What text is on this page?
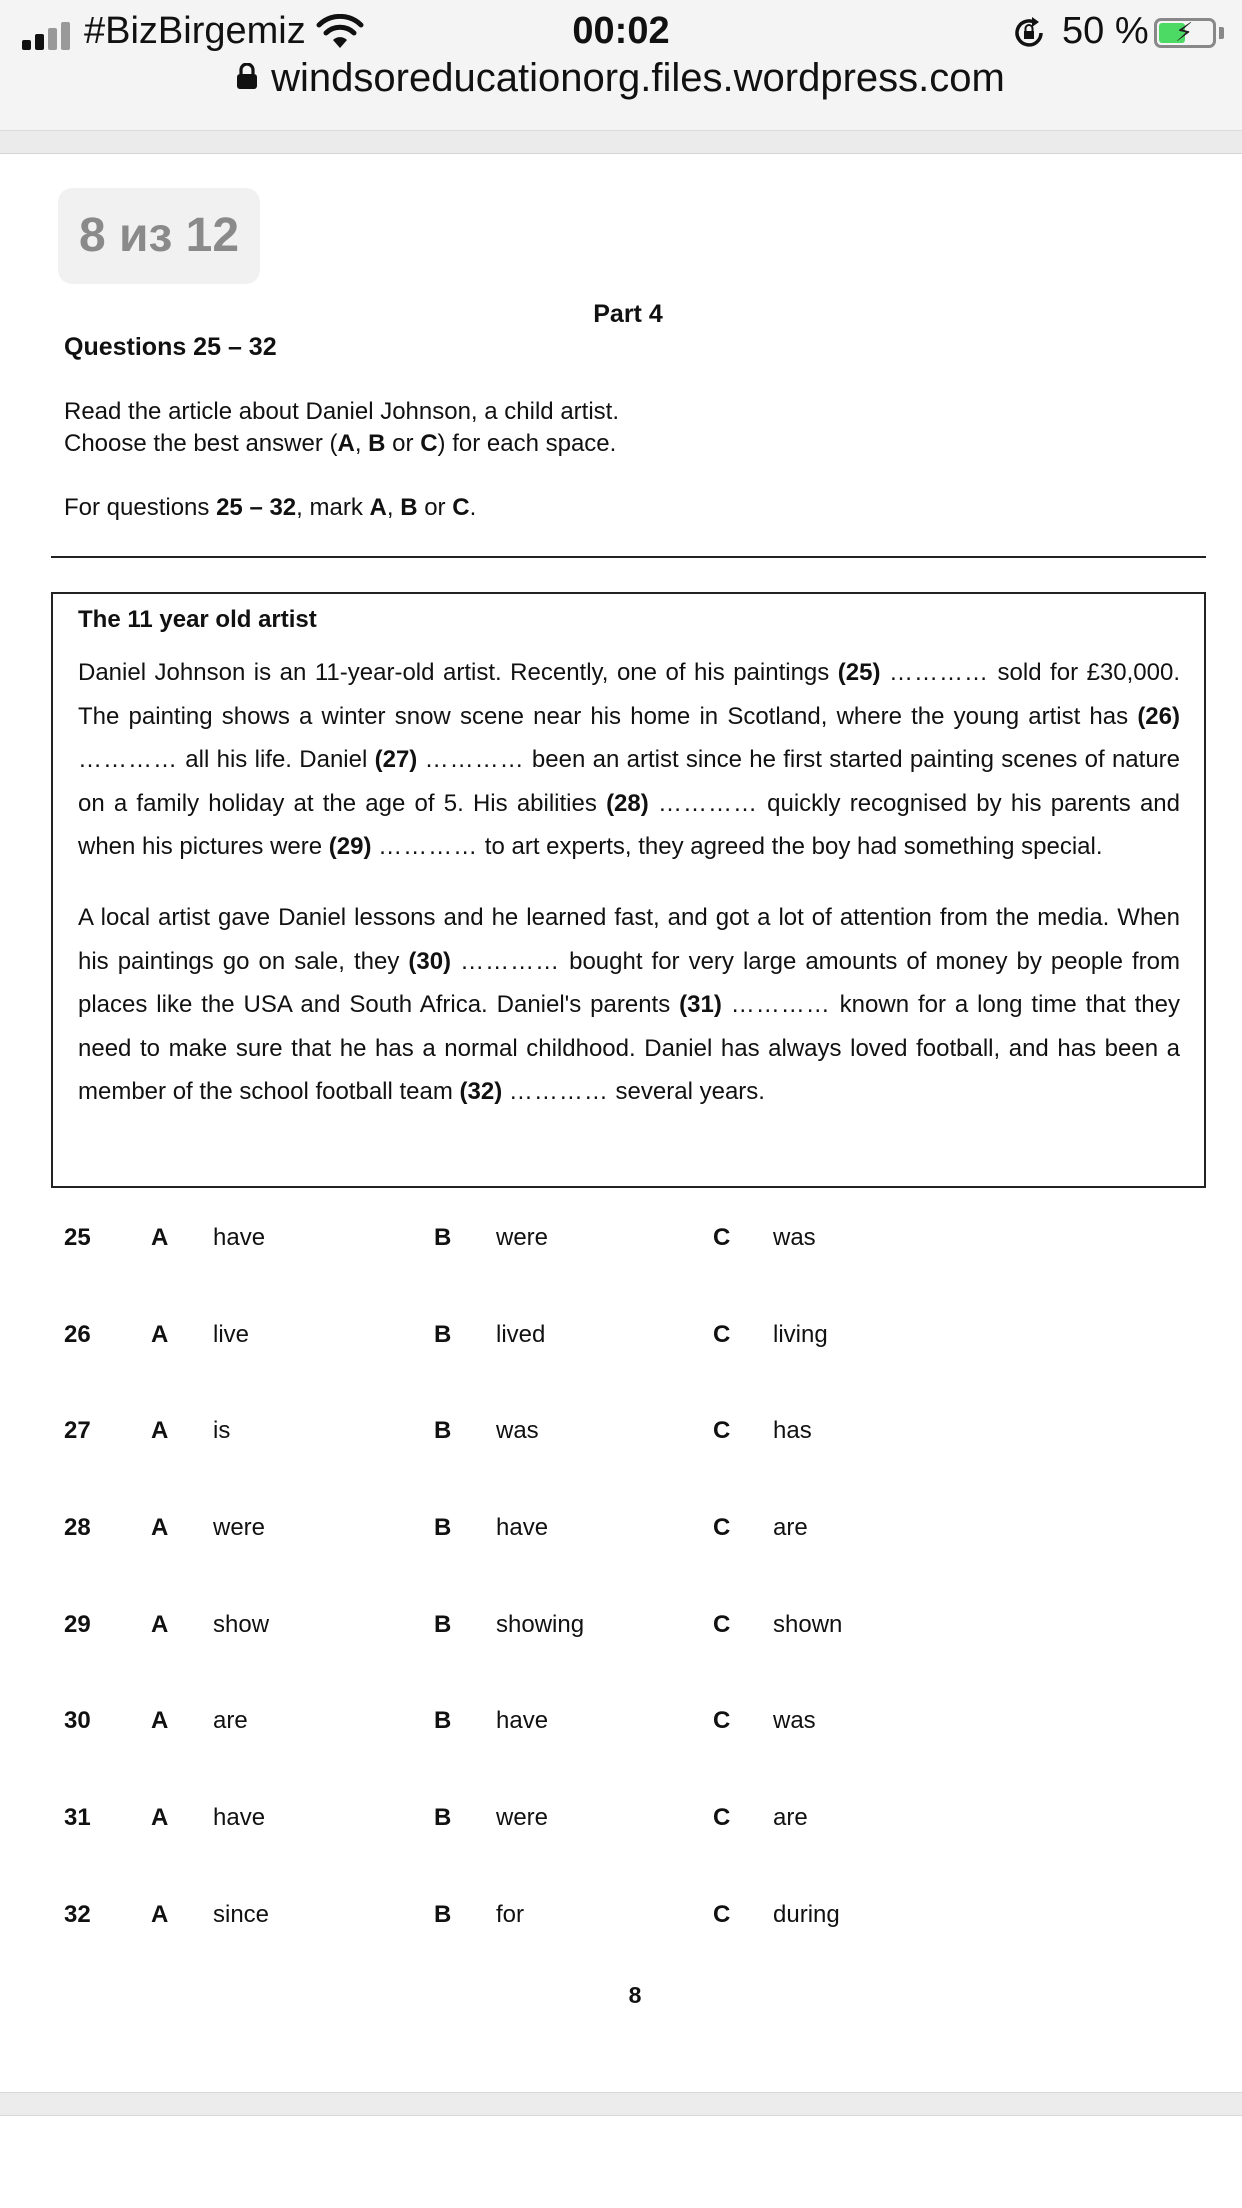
#BizBirgemiz	00:02	50 % ⚡
windsoreducationorg.files.wordpress.com
8 из 12
Part 4
Questions 25 – 32
Read the article about Daniel Johnson, a child artist.
Choose the best answer (A, B or C) for each space.
For questions 25 – 32, mark A, B or C.
The 11 year old artist

Daniel Johnson is an 11-year-old artist. Recently, one of his paintings (25) ………… sold for £30,000. The painting shows a winter snow scene near his home in Scotland, where the young artist has (26) ………… all his life. Daniel (27) ………… been an artist since he first started painting scenes of nature on a family holiday at the age of 5. His abilities (28) ………… quickly recognised by his parents and when his pictures were (29) ………… to art experts, they agreed the boy had something special.

A local artist gave Daniel lessons and he learned fast, and got a lot of attention from the media. When his paintings go on sale, they (30) ………… bought for very large amounts of money by people from places like the USA and South Africa. Daniel's parents (31) ………… known for a long time that they need to make sure that he has a normal childhood. Daniel has always loved football, and has been a member of the school football team (32) ………… several years.

25	A have	B were	C was
26	A live	B lived	C living
27	A is	B was	C has
28	A were	B have	C are
29	A show	B showing	C shown
30	A are	B have	C was
31	A have	B were	C are
32	A since	B for	C during
8
